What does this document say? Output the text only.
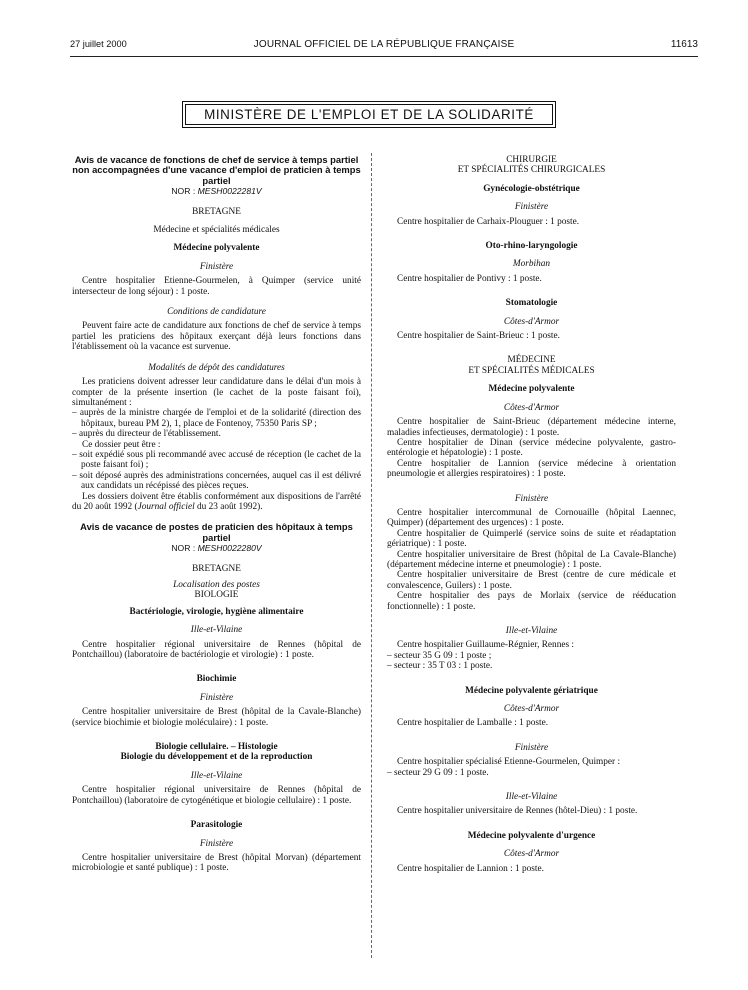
27 juillet 2000	JOURNAL OFFICIEL DE LA RÉPUBLIQUE FRANÇAISE	11613
MINISTÈRE DE L'EMPLOI ET DE LA SOLIDARITÉ

Avis de vacance de fonctions de chef de service à temps partiel non accompagnées d'une vacance d'emploi de praticien à temps partiel

NOR : MESH0022281V

BRETAGNE

Médecine et spécialités médicales

Médecine polyvalente

Finistère

Centre hospitalier Etienne-Gourmelen, à Quimper (service unité intersecteur de long séjour) : 1 poste.

Conditions de candidature

Peuvent faire acte de candidature aux fonctions de chef de service à temps partiel les praticiens des hôpitaux exerçant déjà leurs fonctions dans l'établissement où la vacance est survenue.

Modalités de dépôt des candidatures

Les praticiens doivent adresser leur candidature dans le délai d'un mois à compter de la présente insertion (le cachet de la poste faisant foi), simultanément :

– auprès de la ministre chargée de l'emploi et de la solidarité (direction des hôpitaux, bureau PM 2), 1, place de Fontenoy, 75350 Paris SP ;

– auprès du directeur de l'établissement.

Ce dossier peut être :

– soit expédié sous pli recommandé avec accusé de réception (le cachet de la poste faisant foi) ;

– soit déposé auprès des administrations concernées, auquel cas il est délivré aux candidats un récépissé des pièces reçues.

Les dossiers doivent être établis conformément aux dispositions de l'arrêté du 20 août 1992 (Journal officiel du 23 août 1992).

Avis de vacance de postes de praticien des hôpitaux à temps partiel

NOR : MESH0022280V

BRETAGNE

Localisation des postes

BIOLOGIE

Bactériologie, virologie, hygiène alimentaire

Ille-et-Vilaine

Centre hospitalier régional universitaire de Rennes (hôpital de Pontchaillou) (laboratoire de bactériologie et virologie) : 1 poste.

Biochimie

Finistère

Centre hospitalier universitaire de Brest (hôpital de la Cavale-Blanche) (service biochimie et biologie moléculaire) : 1 poste.

Biologie cellulaire. – Histologie

Biologie du développement et de la reproduction

Ille-et-Vilaine

Centre hospitalier régional universitaire de Rennes (hôpital de Pontchaillou) (laboratoire de cytogénétique et biologie cellulaire) : 1 poste.

Parasitologie

Finistère

Centre hospitalier universitaire de Brest (hôpital Morvan) (département microbiologie et santé publique) : 1 poste.

CHIRURGIE

ET SPÉCIALITÉS CHIRURGICALES

Gynécologie-obstétrique

Finistère

Centre hospitalier de Carhaix-Plouguer : 1 poste.

Oto-rhino-laryngologie

Morbihan

Centre hospitalier de Pontivy : 1 poste.

Stomatologie

Côtes-d'Armor

Centre hospitalier de Saint-Brieuc : 1 poste.

MÉDECINE

ET SPÉCIALITÉS MÉDICALES

Médecine polyvalente

Côtes-d'Armor

Centre hospitalier de Saint-Brieuc (département médecine interne, maladies infectieuses, dermatologie) : 1 poste.

Centre hospitalier de Dinan (service médecine polyvalente, gastro-entérologie et hépatologie) : 1 poste.

Centre hospitalier de Lannion (service médecine à orientation pneumologie et allergies respiratoires) : 1 poste.

Finistère

Centre hospitalier intercommunal de Cornouaille (hôpital Laennec, Quimper) (département des urgences) : 1 poste.

Centre hospitalier de Quimperlé (service soins de suite et réadaptation gériatrique) : 1 poste.

Centre hospitalier universitaire de Brest (hôpital de La Cavale-Blanche) (département médecine interne et pneumologie) : 1 poste.

Centre hospitalier universitaire de Brest (centre de cure médicale et convalescence, Guilers) : 1 poste.

Centre hospitalier des pays de Morlaix (service de rééducation fonctionnelle) : 1 poste.

Ille-et-Vilaine

Centre hospitalier Guillaume-Régnier, Rennes :

– secteur 35 G 09 : 1 poste ;

– secteur : 35 T 03 : 1 poste.

Médecine polyvalente gériatrique

Côtes-d'Armor

Centre hospitalier de Lamballe : 1 poste.

Finistère

Centre hospitalier spécialisé Etienne-Gourmelen, Quimper :

– secteur 29 G 09 : 1 poste.

Ille-et-Vilaine

Centre hospitalier universitaire de Rennes (hôtel-Dieu) : 1 poste.

Médecine polyvalente d'urgence

Côtes-d'Armor

Centre hospitalier de Lannion : 1 poste.
